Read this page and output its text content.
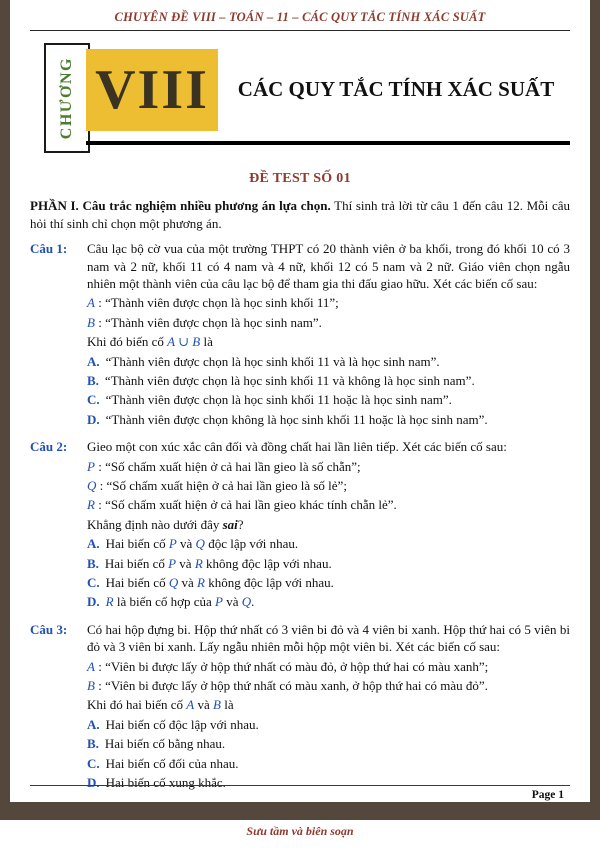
CHUYÊN ĐỀ VIII – TOÁN – 11 – CÁC QUY TẮC TÍNH XÁC SUẤT
CHƯƠNG VIII	CÁC QUY TẮC TÍNH XÁC SUẤT
ĐỀ TEST SỐ 01

PHẦN I. Câu trắc nghiệm nhiều phương án lựa chọn. Thí sinh trả lời từ câu 1 đến câu 12. Mỗi câu hỏi thí sinh chỉ chọn một phương án.

Câu 1:	Câu lạc bộ cờ vua của một trường THPT có 20 thành viên ở ba khối, trong đó khối 10 có 3 nam và 2 nữ, khối 11 có 4 nam và 4 nữ, khối 12 có 5 nam và 2 nữ. Giáo viên chọn ngẫu nhiên một thành viên của câu lạc bộ để tham gia thi đấu giao hữu. Xét các biến cố sau:
A : “Thành viên được chọn là học sinh khối 11”;
B : “Thành viên được chọn là học sinh nam”.
Khi đó biến cố A ∪ B là
A. “Thành viên được chọn là học sinh khối 11 và là học sinh nam”.
B. “Thành viên được chọn là học sinh khối 11 và không là học sinh nam”.
C. “Thành viên được chọn là học sinh khối 11 hoặc là học sinh nam”.
D. “Thành viên được chọn không là học sinh khối 11 hoặc là học sinh nam”.
Câu 2:	Gieo một con xúc xắc cân đối và đồng chất hai lần liên tiếp. Xét các biến cố sau:
P : “Số chấm xuất hiện ở cả hai lần gieo là số chẵn”;
Q : “Số chấm xuất hiện ở cả hai lần gieo là số lẻ”;
R : “Số chấm xuất hiện ở cả hai lần gieo khác tính chẵn lẻ”.
Khẳng định nào dưới đây sai?
A. Hai biến cố P và Q độc lập với nhau.
B. Hai biến cố P và R không độc lập với nhau.
C. Hai biến cố Q và R không độc lập với nhau.
D. R là biến cố hợp của P và Q.
Câu 3:	Có hai hộp đựng bi. Hộp thứ nhất có 3 viên bi đỏ và 4 viên bi xanh. Hộp thứ hai có 5 viên bi đỏ và 3 viên bi xanh. Lấy ngẫu nhiên mỗi hộp một viên bi. Xét các biến cố sau:
A : “Viên bi được lấy ở hộp thứ nhất có màu đỏ, ở hộp thứ hai có màu xanh”;
B : “Viên bi được lấy ở hộp thứ nhất có màu xanh, ở hộp thứ hai có màu đỏ”.
Khi đó hai biến cố A và B là
A. Hai biến cố độc lập với nhau.
B. Hai biến cố bằng nhau.
C. Hai biến cố đối của nhau.
D. Hai biến cố xung khắc.
Page 1
Sưu tầm và biên soạn
